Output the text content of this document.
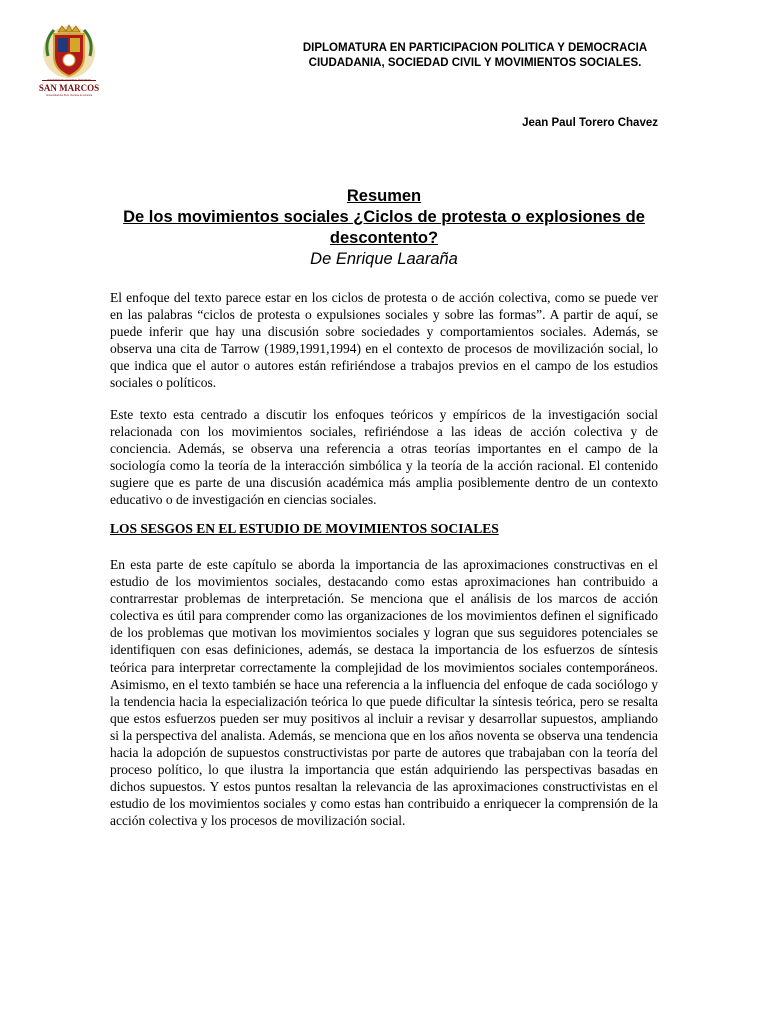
UNIVERSIDAD NACIONAL MAYOR DE
SAN MARCOS
Universidad del Perú, Decana de América
DIPLOMATURA EN PARTICIPACION POLITICA Y DEMOCRACIA
CIUDADANIA, SOCIEDAD CIVIL Y MOVIMIENTOS SOCIALES.
Jean Paul Torero Chavez
Resumen
De los movimientos sociales ¿Ciclos de protesta o explosiones de descontento?
De Enrique Laaraña
El enfoque del texto parece estar en los ciclos de protesta o de acción colectiva, como se puede ver en las palabras “ciclos de protesta o expulsiones sociales y sobre las formas”. A partir de aquí, se puede inferir que hay una discusión sobre sociedades y comportamientos sociales. Además, se observa una cita de Tarrow (1989,1991,1994) en el contexto de procesos de movilización social, lo que indica que el autor o autores están refiriéndose a trabajos previos en el campo de los estudios sociales o políticos.
Este texto esta centrado a discutir los enfoques teóricos y empíricos de la investigación social relacionada con los movimientos sociales, refiriéndose a las ideas de acción colectiva y de conciencia. Además, se observa una referencia a otras teorías importantes en el campo de la sociología como la teoría de la interacción simbólica y la teoría de la acción racional. El contenido sugiere que es parte de una discusión académica más amplia posiblemente dentro de un contexto educativo o de investigación en ciencias sociales.
LOS SESGOS EN EL ESTUDIO DE MOVIMIENTOS SOCIALES
En esta parte de este capítulo se aborda la importancia de las aproximaciones constructivas en el estudio de los movimientos sociales, destacando como estas aproximaciones han contribuido a contrarrestar problemas de interpretación. Se menciona que el análisis de los marcos de acción colectiva es útil para comprender como las organizaciones de los movimientos definen el significado de los problemas que motivan los movimientos sociales y logran que sus seguidores potenciales se identifiquen con esas definiciones, además, se destaca la importancia de los esfuerzos de síntesis teórica para interpretar correctamente la complejidad de los movimientos sociales contemporáneos. Asimismo, en el texto también se hace una referencia a la influencia del enfoque de cada sociólogo y la tendencia hacia la especialización teórica lo que puede dificultar la síntesis teórica, pero se resalta que estos esfuerzos pueden ser muy positivos al incluir a revisar y desarrollar supuestos, ampliando si la perspectiva del analista. Además, se menciona que en los años noventa se observa una tendencia hacia la adopción de supuestos constructivistas por parte de autores que trabajaban con la teoría del proceso político, lo que ilustra la importancia que están adquiriendo las perspectivas basadas en dichos supuestos. Y estos puntos resaltan la relevancia de las aproximaciones constructivistas en el estudio de los movimientos sociales y como estas han contribuido a enriquecer la comprensión de la acción colectiva y los procesos de movilización social.
